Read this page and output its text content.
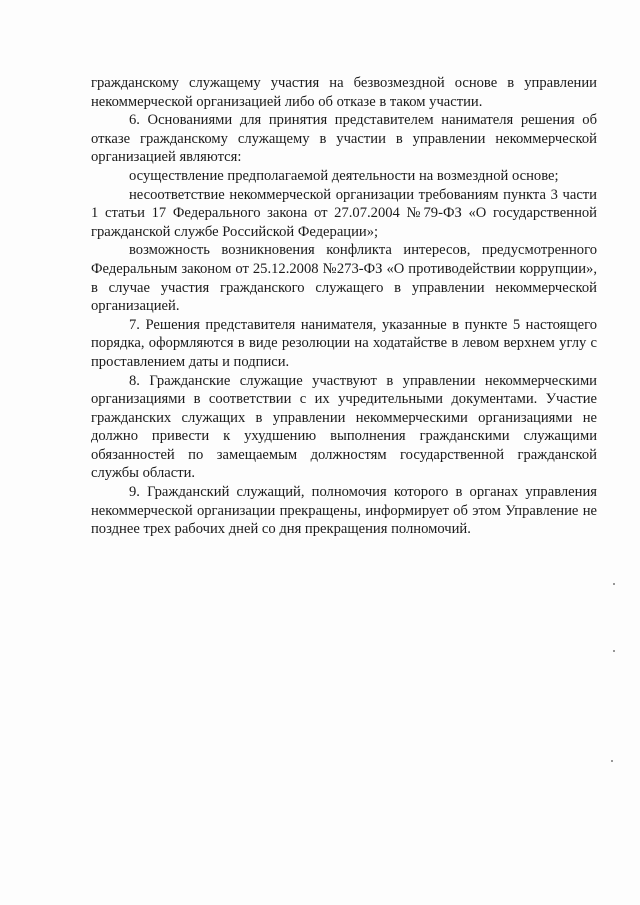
гражданскому служащему участия на безвозмездной основе в управлении некоммерческой организацией либо об отказе в таком участии.

6. Основаниями для принятия представителем нанимателя решения об отказе гражданскому служащему в участии в управлении некоммерческой организацией являются:

осуществление предполагаемой деятельности на возмездной основе;

несоответствие некоммерческой организации требованиям пункта 3 части 1 статьи 17 Федерального закона от 27.07.2004 №79-ФЗ «О государственной гражданской службе Российской Федерации»;

возможность возникновения конфликта интересов, предусмотренного Федеральным законом от 25.12.2008 №273-ФЗ «О противодействии коррупции», в случае участия гражданского служащего в управлении некоммерческой организацией.

7. Решения представителя нанимателя, указанные в пункте 5 настоящего порядка, оформляются в виде резолюции на ходатайстве в левом верхнем углу с проставлением даты и подписи.

8. Гражданские служащие участвуют в управлении некоммерческими организациями в соответствии с их учредительными документами. Участие гражданских служащих в управлении некоммерческими организациями не должно привести к ухудшению выполнения гражданскими служащими обязанностей по замещаемым должностям государственной гражданской службы области.

9. Гражданский служащий, полномочия которого в органах управления некоммерческой организации прекращены, информирует об этом Управление не позднее трех рабочих дней со дня прекращения полномочий.
